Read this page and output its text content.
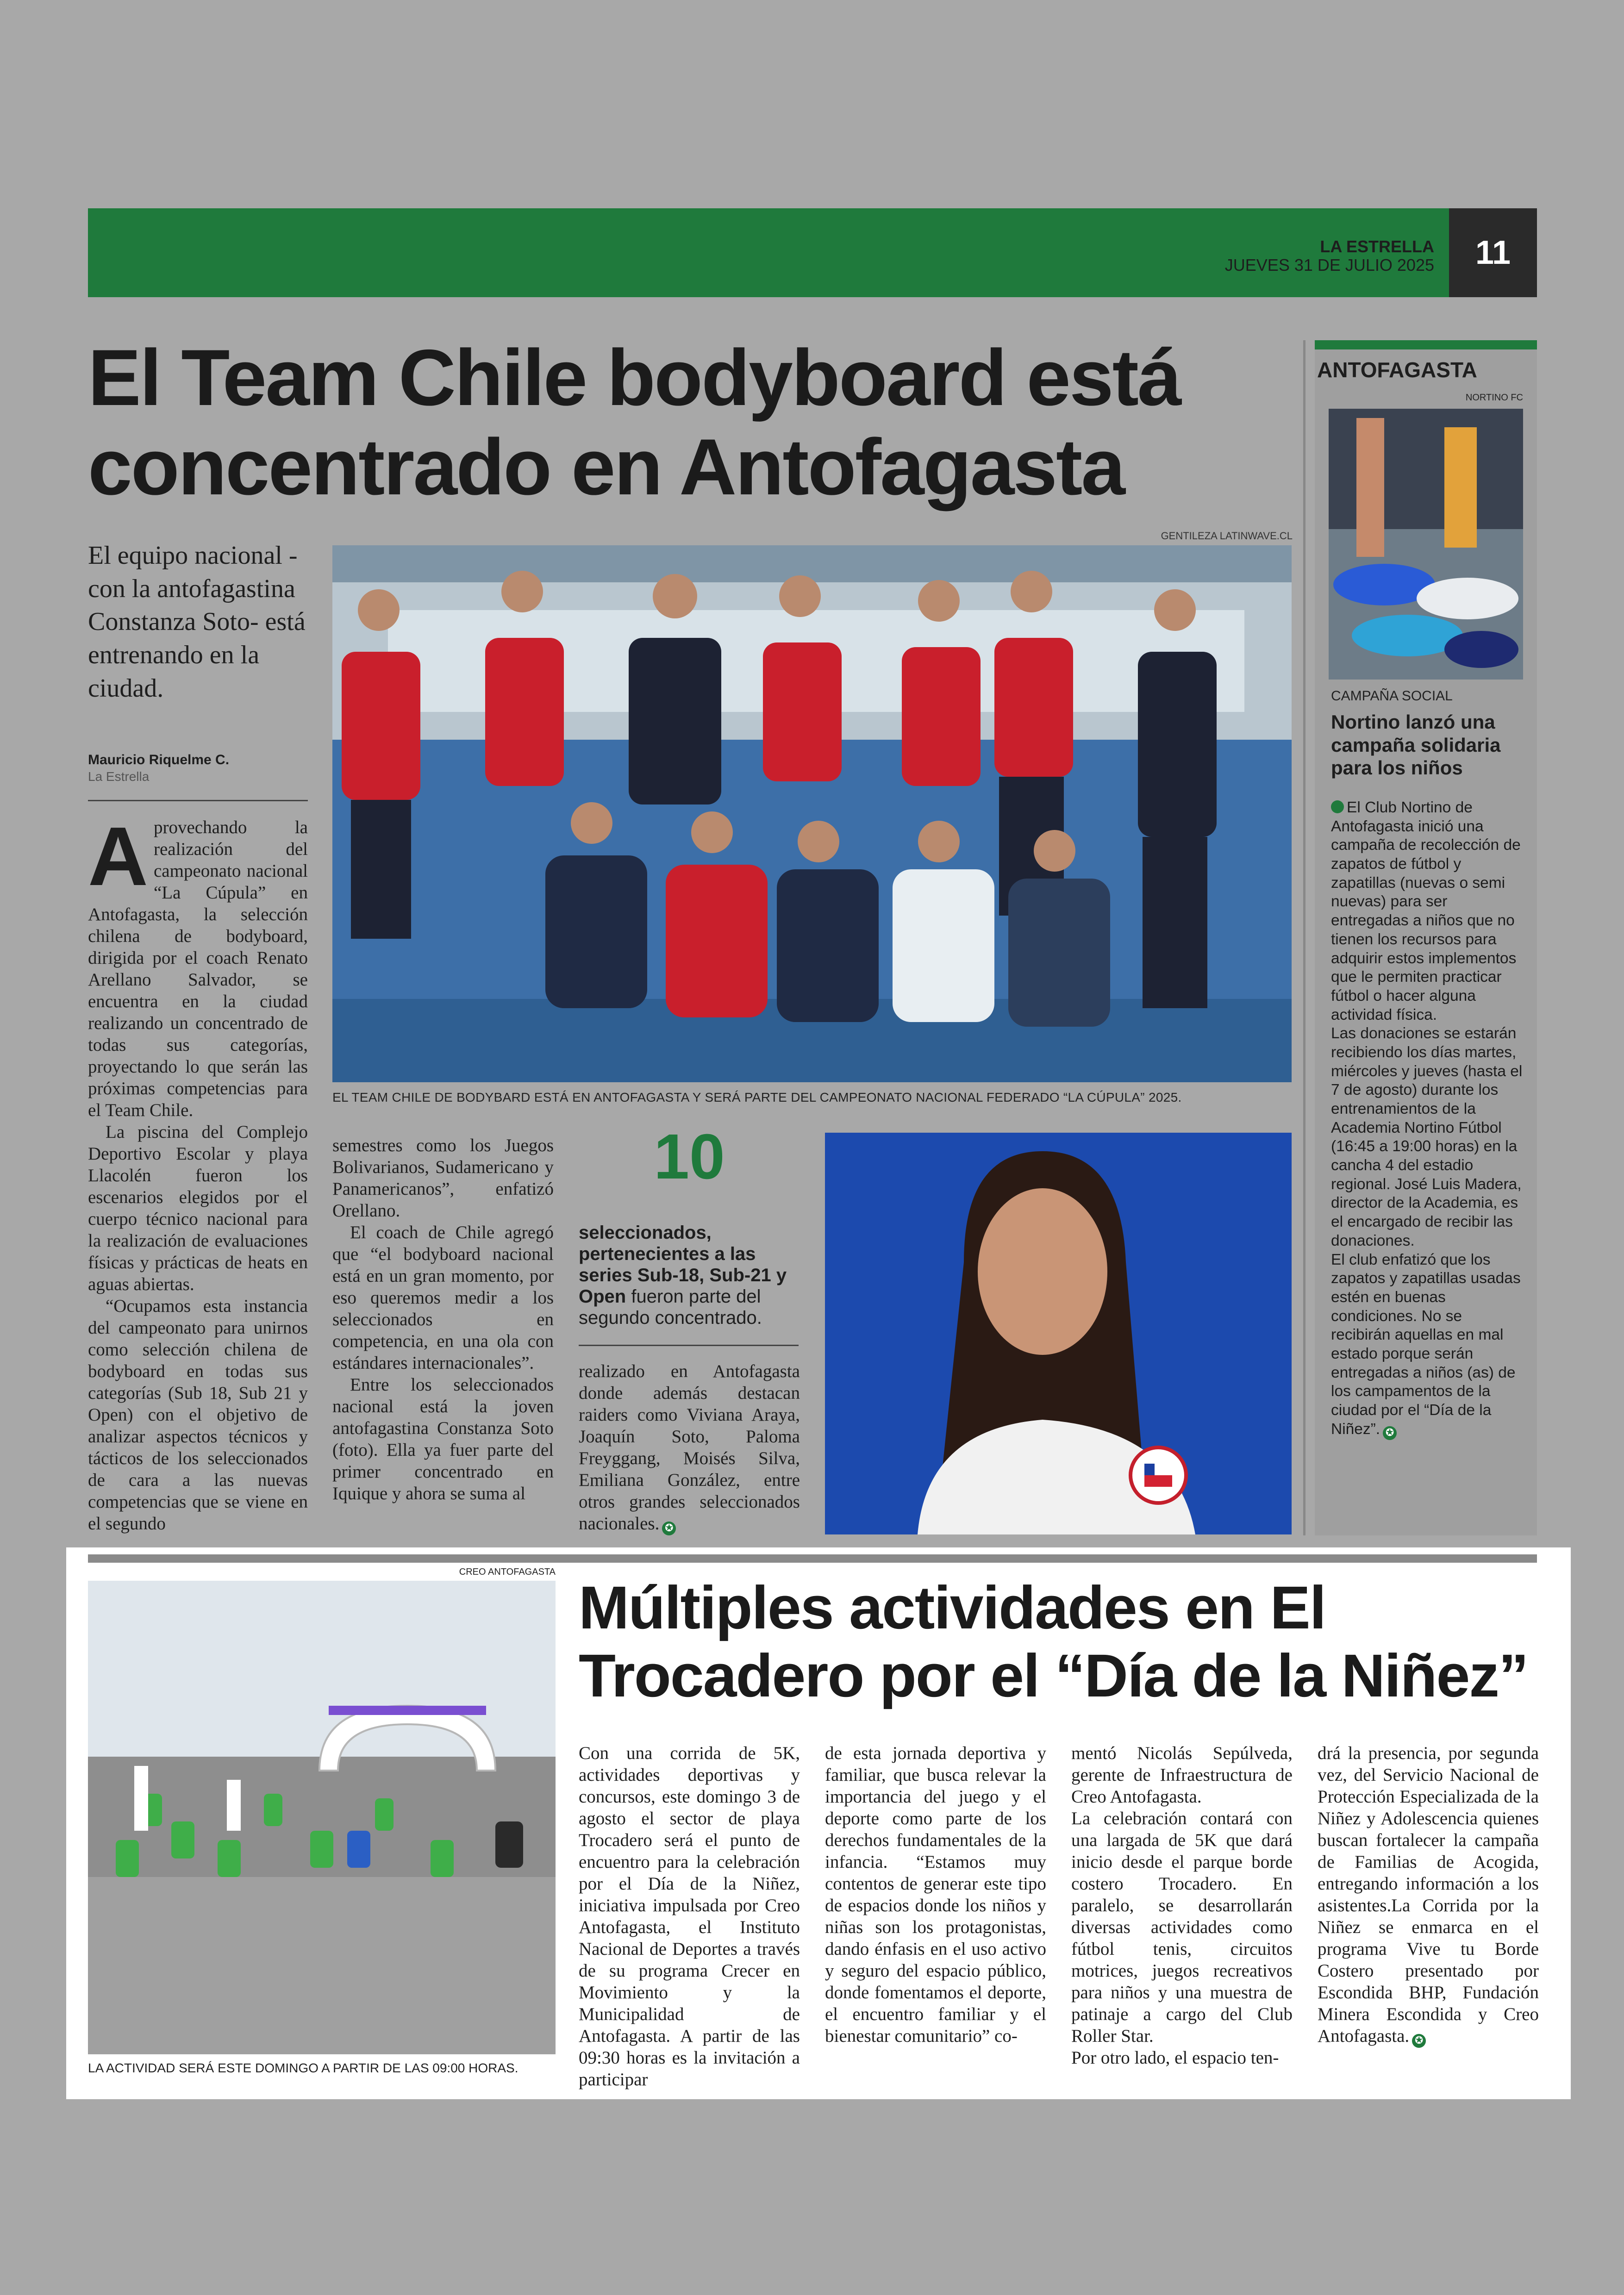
LA ESTRELLA
JUEVES 31 DE JULIO 2025	11
El Team Chile bodyboard está concentrado en Antofagasta
El equipo nacional -con la antofagastina Constanza Soto- está entrenando en la ciudad.
Mauricio Riquelme C.
La Estrella
A provechando la realización del campeonato nacional “La Cúpula” en Antofagasta, la selección chilena de bodyboard, dirigida por el coach Renato Arellano Salvador, se encuentra en la ciudad realizando un concentrado de todas sus categorías, proyectando lo que serán las próximas competencias para el Team Chile.

La piscina del Complejo Deportivo Escolar y playa Llacolén fueron los escenarios elegidos por el cuerpo técnico nacional para la realización de evaluaciones físicas y prácticas de heats en aguas abiertas.

“Ocupamos esta instancia del campeonato para unirnos como selección chilena de bodyboard en todas sus categorías (Sub 18, Sub 21 y Open) con el objetivo de analizar aspectos técnicos y tácticos de los seleccionados de cara a las nuevas competencias que se viene en el segundo

semestres como los Juegos Bolivarianos, Sudamericano y Panamericanos”, enfatizó Orellano.

El coach de Chile agregó que “el bodyboard nacional está en un gran momento, por eso queremos medir a los seleccionados en competencia, en una ola con estándares internacionales”.

Entre los seleccionados nacional está la joven antofagastina Constanza Soto (foto). Ella ya fuer parte del primer concentrado en Iquique y ahora se suma al

realizado en Antofagasta donde además destacan raiders como Viviana Araya, Joaquín Soto, Paloma Freyggang, Moisés Silva, Emiliana González, entre otros grandes seleccionados nacionales. ✪

GENTILEZA LATINWAVE.CL
EL TEAM CHILE DE BODYBARD ESTÁ EN ANTOFAGASTA Y SERÁ PARTE DEL CAMPEONATO NACIONAL FEDERADO “LA CÚPULA” 2025.
10
seleccionados, pertenecientes a las series Sub-18, Sub-21 y Open fueron parte del segundo concentrado.
ANTOFAGASTA
NORTINO FC
CAMPAÑA SOCIAL
Nortino lanzó una campaña solidaria para los niños

El Club Nortino de Antofagasta inició una campaña de recolección de zapatos de fútbol y zapatillas (nuevas o semi nuevas) para ser entregadas a niños que no tienen los recursos para adquirir estos implementos que le permiten practicar fútbol o hacer alguna actividad física.

Las donaciones se estarán recibiendo los días martes, miércoles y jueves (hasta el 7 de agosto) durante los entrenamientos de la Academia Nortino Fútbol (16:45 a 19:00 horas) en la cancha 4 del estadio regional. José Luis Madera, director de la Academia, es el encargado de recibir las donaciones.

El club enfatizó que los zapatos y zapatillas usadas estén en buenas condiciones. No se recibirán aquellas en mal estado porque serán entregadas a niños (as) de los campamentos de la ciudad por el “Día de la Niñez”. ✪

CREO ANTOFAGASTA
LA ACTIVIDAD SERÁ ESTE DOMINGO A PARTIR DE LAS 09:00 HORAS.
Múltiples actividades en El Trocadero por el “Día de la Niñez”

Con una corrida de 5K, actividades deportivas y concursos, este domingo 3 de agosto el sector de playa Trocadero será el punto de encuentro para la celebración por el Día de la Niñez, iniciativa impulsada por Creo Antofagasta, el Instituto Nacional de Deportes a través de su programa Crecer en Movimiento y la Municipalidad de Antofagasta. A partir de las 09:30 horas es la invitación a participar

de esta jornada deportiva y familiar, que busca relevar la importancia del juego y el deporte como parte de los derechos fundamentales de la infancia. “Estamos muy contentos de generar este tipo de espacios donde los niños y niñas son los protagonistas, dando énfasis en el uso activo y seguro del espacio público, donde fomentamos el deporte, el encuentro familiar y el bienestar comunitario” co-

mentó Nicolás Sepúlveda, gerente de Infraestructura de Creo Antofagasta.

La celebración contará con una largada de 5K que dará inicio desde el parque borde costero Trocadero. En paralelo, se desarrollarán diversas actividades como fútbol tenis, circuitos motrices, juegos recreativos para niños y una muestra de patinaje a cargo del Club Roller Star.

Por otro lado, el espacio ten-

drá la presencia, por segunda vez, del Servicio Nacional de Protección Especializada de la Niñez y Adolescencia quienes buscan fortalecer la campaña de Familias de Acogida, entregando información a los asistentes.La Corrida por la Niñez se enmarca en el programa Vive tu Borde Costero presentado por Escondida BHP, Fundación Minera Escondida y Creo Antofagasta. ✪
